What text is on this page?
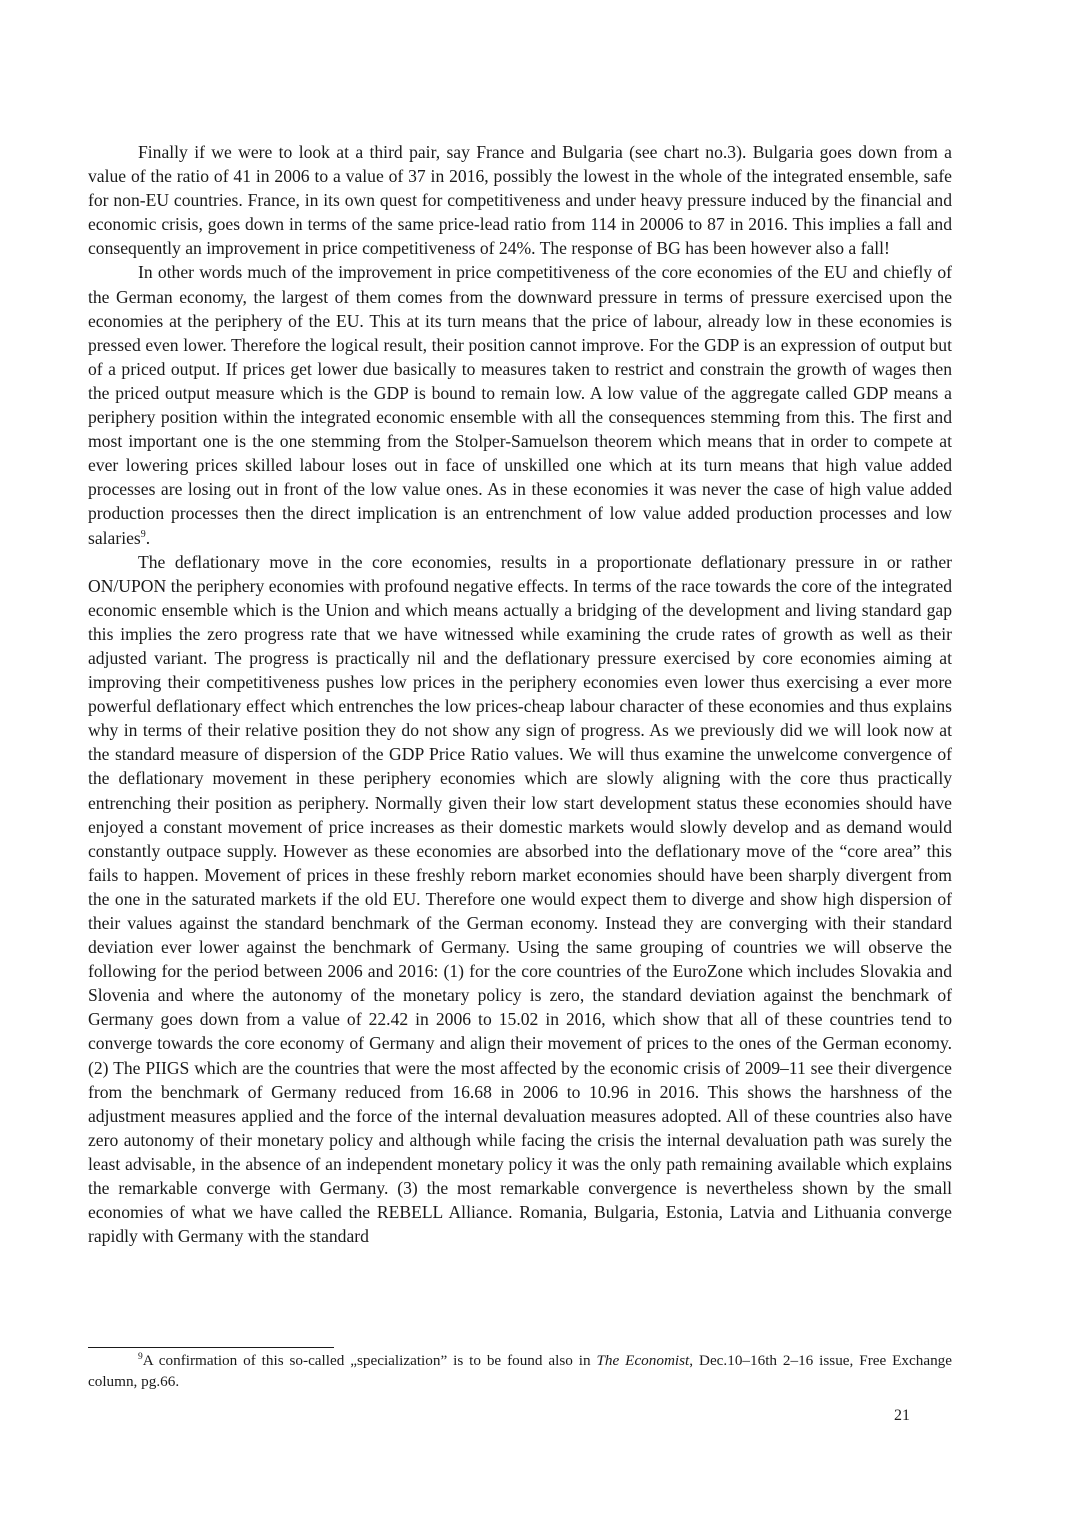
Finally if we were to look at a third pair, say France and Bulgaria (see chart no.3). Bulgaria goes down from a value of the ratio of 41 in 2006 to a value of 37 in 2016, possibly the lowest in the whole of the integrated ensemble, safe for non-EU countries. France, in its own quest for competitiveness and under heavy pressure induced by the financial and economic crisis, goes down in terms of the same price-lead ratio from 114 in 20006 to 87 in 2016. This implies a fall and consequently an improvement in price competitiveness of 24%. The response of BG has been however also a fall!

In other words much of the improvement in price competitiveness of the core economies of the EU and chiefly of the German economy, the largest of them comes from the downward pressure in terms of pressure exercised upon the economies at the periphery of the EU. This at its turn means that the price of labour, already low in these economies is pressed even lower. Therefore the logical result, their position cannot improve. For the GDP is an expression of output but of a priced output. If prices get lower due basically to measures taken to restrict and constrain the growth of wages then the priced output measure which is the GDP is bound to remain low. A low value of the aggregate called GDP means a periphery position within the integrated economic ensemble with all the consequences stemming from this. The first and most important one is the one stemming from the Stolper-Samuelson theorem which means that in order to compete at ever lowering prices skilled labour loses out in face of unskilled one which at its turn means that high value added processes are losing out in front of the low value ones. As in these economies it was never the case of high value added production processes then the direct implication is an entrenchment of low value added production processes and low salaries$^9$.

The deflationary move in the core economies, results in a proportionate deflationary pressure in or rather ON/UPON the periphery economies with profound negative effects. In terms of the race towards the core of the integrated economic ensemble which is the Union and which means actually a bridging of the development and living standard gap this implies the zero progress rate that we have witnessed while examining the crude rates of growth as well as their adjusted variant. The progress is practically nil and the deflationary pressure exercised by core economies aiming at improving their competitiveness pushes low prices in the periphery economies even lower thus exercising a ever more powerful deflationary effect which entrenches the low prices-cheap labour character of these economies and thus explains why in terms of their relative position they do not show any sign of progress. As we previously did we will look now at the standard measure of dispersion of the GDP Price Ratio values. We will thus examine the unwelcome convergence of the deflationary movement in these periphery economies which are slowly aligning with the core thus practically entrenching their position as periphery. Normally given their low start development status these economies should have enjoyed a constant movement of price increases as their domestic markets would slowly develop and as demand would constantly outpace supply. However as these economies are absorbed into the deflationary move of the “core area” this fails to happen. Movement of prices in these freshly reborn market economies should have been sharply divergent from the one in the saturated markets if the old EU. Therefore one would expect them to diverge and show high dispersion of their values against the standard benchmark of the German economy. Instead they are converging with their standard deviation ever lower against the benchmark of Germany. Using the same grouping of countries we will observe the following for the period between 2006 and 2016: (1) for the core countries of the EuroZone which includes Slovakia and Slovenia and where the autonomy of the monetary policy is zero, the standard deviation against the benchmark of Germany goes down from a value of 22.42 in 2006 to 15.02 in 2016, which show that all of these countries tend to converge towards the core economy of Germany and align their movement of prices to the ones of the German economy. (2) The PIIGS which are the countries that were the most affected by the economic crisis of 2009–11 see their divergence from the benchmark of Germany reduced from 16.68 in 2006 to 10.96 in 2016. This shows the harshness of the adjustment measures applied and the force of the internal devaluation measures adopted. All of these countries also have zero autonomy of their monetary policy and although while facing the crisis the internal devaluation path was surely the least advisable, in the absence of an independent monetary policy it was the only path remaining available which explains the remarkable converge with Germany. (3) the most remarkable convergence is nevertheless shown by the small economies of what we have called the REBELL Alliance. Romania, Bulgaria, Estonia, Latvia and Lithuania converge rapidly with Germany with the standard

$^9$A confirmation of this so-called „specialization” is to be found also in The Economist, Dec.10–16th 2–16 issue, Free Exchange column, pg.66.

21
